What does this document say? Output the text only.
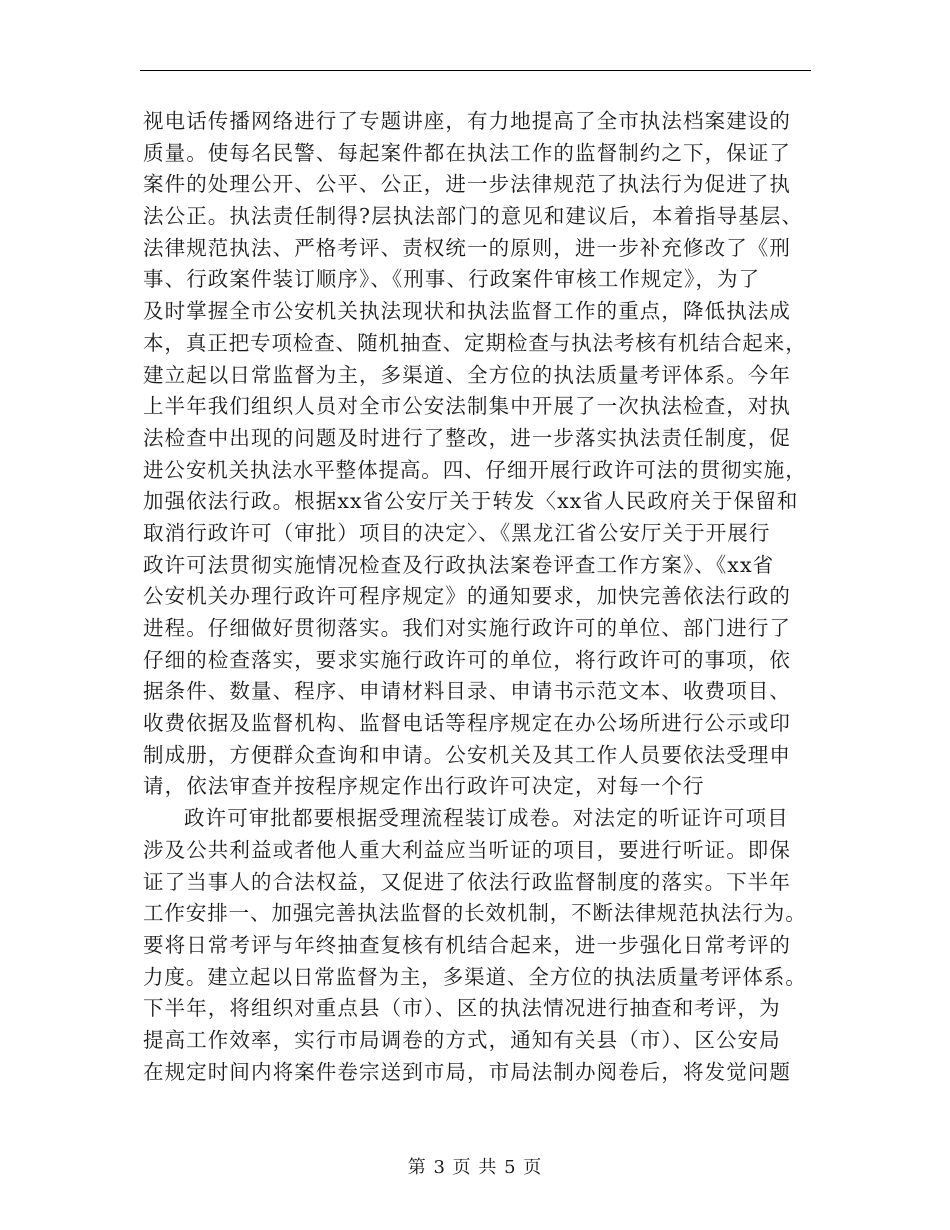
视电话传播网络进行了专题讲座，有力地提高了全市执法档案建设的
质量。使每名民警、每起案件都在执法工作的监督制约之下，保证了
案件的处理公开、公平、公正，进一步法律规范了执法行为促进了执
法公正。执法责任制得?层执法部门的意见和建议后，本着指导基层、
法律规范执法、严格考评、责权统一的原则，进一步补充修改了《刑
事、行政案件装订顺序》、《刑事、行政案件审核工作规定》，为了
及时掌握全市公安机关执法现状和执法监督工作的重点，降低执法成
本，真正把专项检查、随机抽查、定期检查与执法考核有机结合起来，
建立起以日常监督为主，多渠道、全方位的执法质量考评体系。今年
上半年我们组织人员对全市公安法制集中开展了一次执法检查，对执
法检查中出现的问题及时进行了整改，进一步落实执法责任制度，促
进公安机关执法水平整体提高。四、仔细开展行政许可法的贯彻实施，
加强依法行政。根据xx省公安厅关于转发〈xx省人民政府关于保留和
取消行政许可（审批）项目的决定〉、《黑龙江省公安厅关于开展行
政许可法贯彻实施情况检查及行政执法案卷评查工作方案》、《xx省
公安机关办理行政许可程序规定》的通知要求，加快完善依法行政的
进程。仔细做好贯彻落实。我们对实施行政许可的单位、部门进行了
仔细的检查落实，要求实施行政许可的单位，将行政许可的事项，依
据条件、数量、程序、申请材料目录、申请书示范文本、收费项目、
收费依据及监督机构、监督电话等程序规定在办公场所进行公示或印
制成册，方便群众查询和申请。公安机关及其工作人员要依法受理申
请，依法审查并按程序规定作出行政许可决定，对每一个行
政许可审批都要根据受理流程装订成卷。对法定的听证许可项目
涉及公共利益或者他人重大利益应当听证的项目，要进行听证。即保
证了当事人的合法权益，又促进了依法行政监督制度的落实。下半年
工作安排一、加强完善执法监督的长效机制，不断法律规范执法行为。
要将日常考评与年终抽查复核有机结合起来，进一步强化日常考评的
力度。建立起以日常监督为主，多渠道、全方位的执法质量考评体系。
下半年，将组织对重点县（市）、区的执法情况进行抽查和考评，为
提高工作效率，实行市局调卷的方式，通知有关县（市）、区公安局
在规定时间内将案件卷宗送到市局，市局法制办阅卷后，将发觉问题
第 3 页 共 5 页
